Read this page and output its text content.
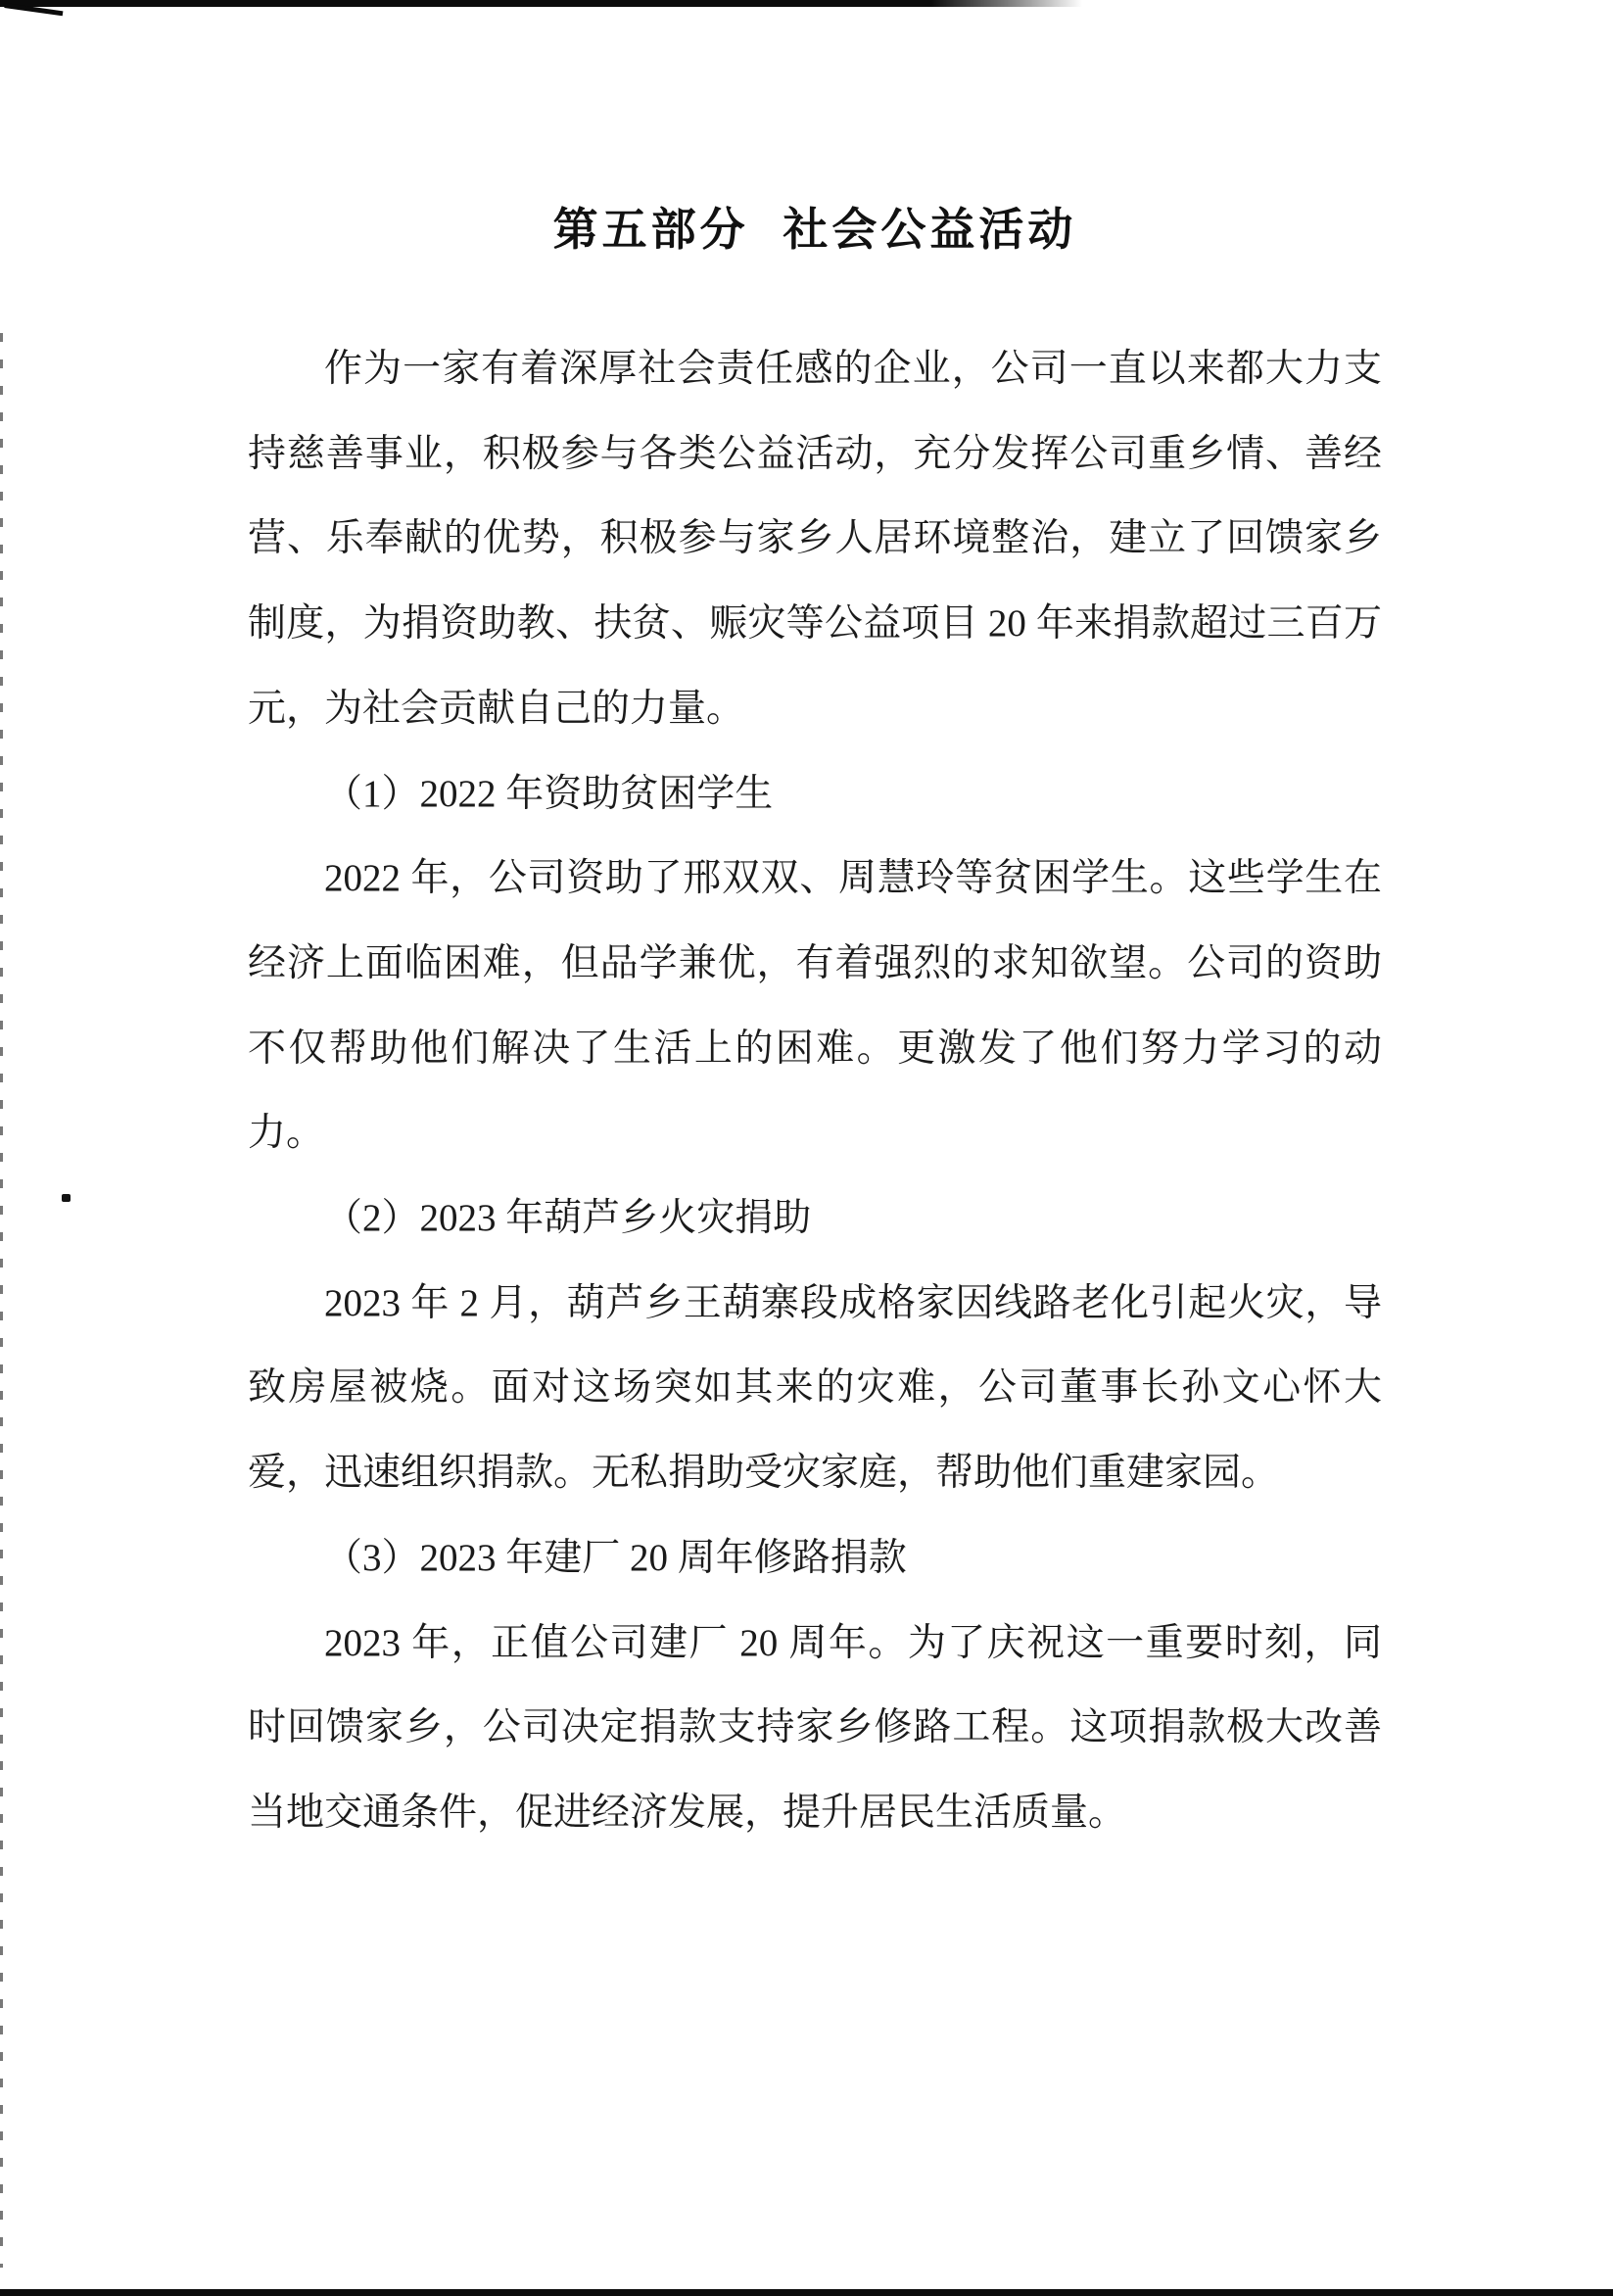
第五部分 社会公益活动

作为一家有着深厚社会责任感的企业，公司一直以来都大力支持慈善事业，积极参与各类公益活动，充分发挥公司重乡情、善经营、乐奉献的优势，积极参与家乡人居环境整治，建立了回馈家乡制度，为捐资助教、扶贫、赈灾等公益项目 20 年来捐款超过三百万元，为社会贡献自己的力量。

（1）2022 年资助贫困学生

2022 年，公司资助了邢双双、周慧玲等贫困学生。这些学生在经济上面临困难，但品学兼优，有着强烈的求知欲望。公司的资助不仅帮助他们解决了生活上的困难。更激发了他们努力学习的动力。

（2）2023 年葫芦乡火灾捐助

2023 年 2 月，葫芦乡王葫寨段成格家因线路老化引起火灾，导致房屋被烧。面对这场突如其来的灾难，公司董事长孙文心怀大爱，迅速组织捐款。无私捐助受灾家庭，帮助他们重建家园。

（3）2023 年建厂 20 周年修路捐款

2023 年，正值公司建厂 20 周年。为了庆祝这一重要时刻，同时回馈家乡，公司决定捐款支持家乡修路工程。这项捐款极大改善当地交通条件，促进经济发展，提升居民生活质量。
